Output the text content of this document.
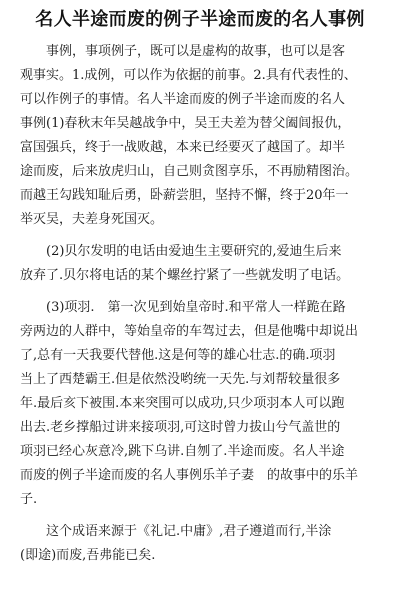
名人半途而废的例子半途而废的名人事例
事例，事项例子，既可以是虚构的故事，也可以是客
观事实。1.成例，可以作为依据的前事。2.具有代表性的、
可以作例子的事情。名人半途而废的例子半途而废的名人
事例(1)春秋末年吴越战争中，吴王夫差为替父阖闾报仇，
富国强兵，终于一战败越，本来已经要灭了越国了。却半
途而废，后来放虎归山，自己则贪图享乐，不再励精图治。
而越王勾践知耻后勇，卧薪尝胆，坚持不懈，终于20年一
举灭吴，夫差身死国灭。
(2)贝尔发明的电话由爱迪生主要研究的,爱迪生后来
放弃了.贝尔将电话的某个螺丝拧紧了一些就发明了电话。
(3)项羽.　第一次见到始皇帝时.和平常人一样跪在路
旁两边的人群中，等始皇帝的车驾过去，但是他嘴中却说出
了,总有一天我要代替他.这是何等的雄心壮志.的确.项羽
当上了西楚霸王.但是依然没哟统一天先.与刘帮较量很多
年.最后亥下被围.本来突围可以成功,只少项羽本人可以跑
出去.老乡撑船过讲来接项羽,可这时曾力拔山兮气盖世的
项羽已经心灰意冷,跳下乌讲.自刎了.半途而废。名人半途
而废的例子半途而废的名人事例乐羊子妻　的故事中的乐羊
子.
这个成语来源于《礼记.中庸》,君子遵道而行,半涂
(即途)而废,吾弗能已矣.
